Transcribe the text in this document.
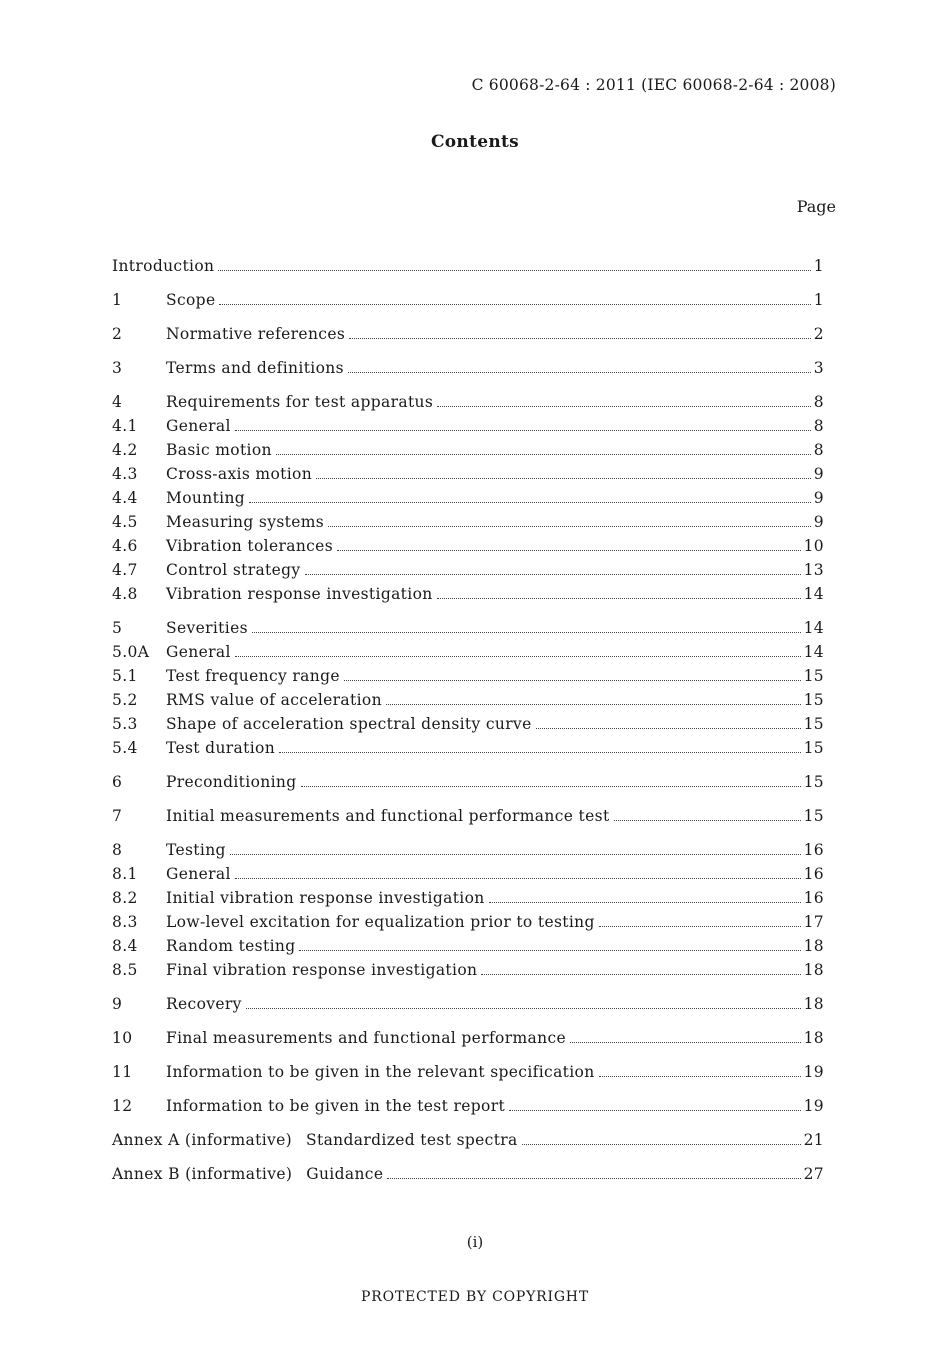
C 60068-2-64 : 2011 (IEC 60068-2-64 : 2008)
Contents
Page
Introduction	1
1	Scope	1
2	Normative references	2
3	Terms and definitions	3
4	Requirements for test apparatus	8
4.1	General	8
4.2	Basic motion	8
4.3	Cross-axis motion	9
4.4	Mounting	9
4.5	Measuring systems	9
4.6	Vibration tolerances	10
4.7	Control strategy	13
4.8	Vibration response investigation	14
5	Severities	14
5.0A	General	14
5.1	Test frequency range	15
5.2	RMS value of acceleration	15
5.3	Shape of acceleration spectral density curve	15
5.4	Test duration	15
6	Preconditioning	15
7	Initial measurements and functional performance test	15
8	Testing	16
8.1	General	16
8.2	Initial vibration response investigation	16
8.3	Low-level excitation for equalization prior to testing	17
8.4	Random testing	18
8.5	Final vibration response investigation	18
9	Recovery	18
10	Final measurements and functional performance	18
11	Information to be given in the relevant specification	19
12	Information to be given in the test report	19
Annex A (informative) Standardized test spectra	21
Annex B (informative) Guidance	27
(i)
PROTECTED BY COPYRIGHT
